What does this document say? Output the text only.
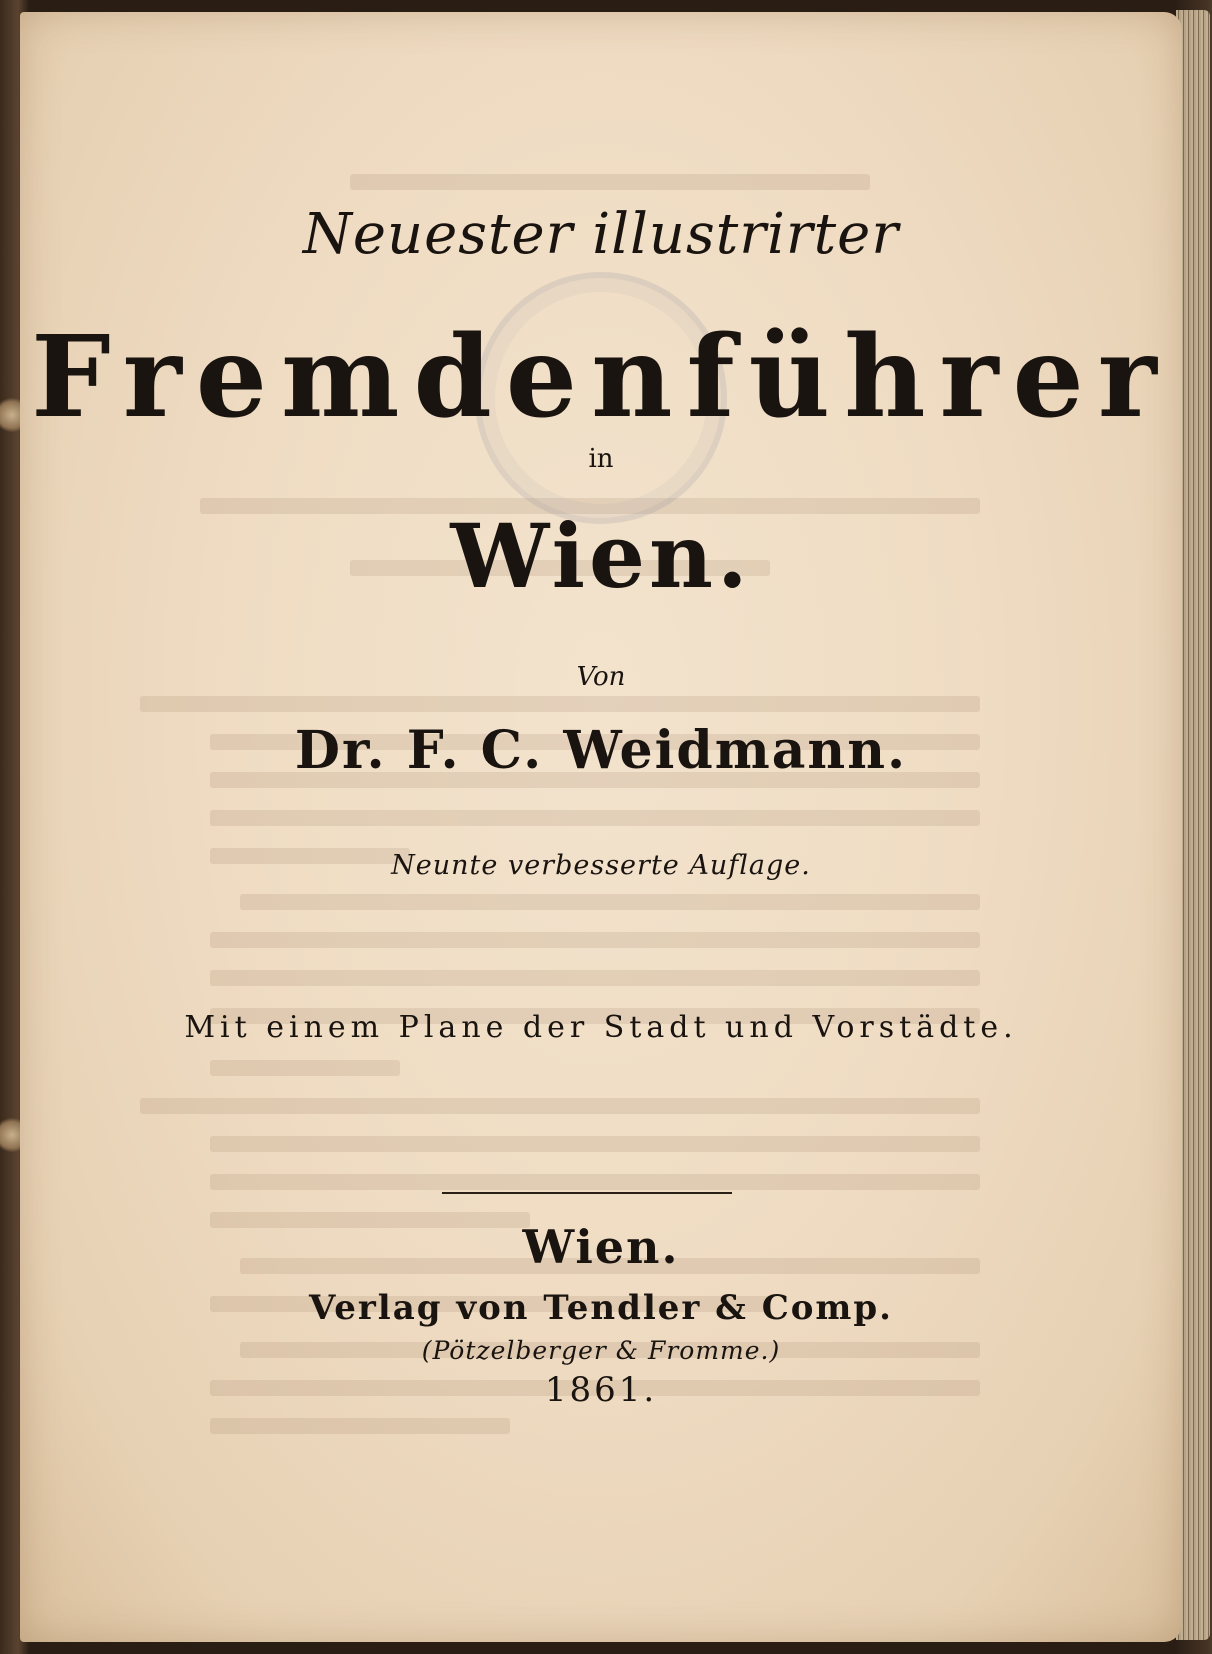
Neuester illustrirter
Fremdenführer
in
Wien.
Von
Dr. F. C. Weidmann.
Neunte verbesserte Auflage.
Mit einem Plane der Stadt und Vorstädte.
Wien.
Verlag von Tendler & Comp.
(Pötzelberger & Fromme.)
1861.
